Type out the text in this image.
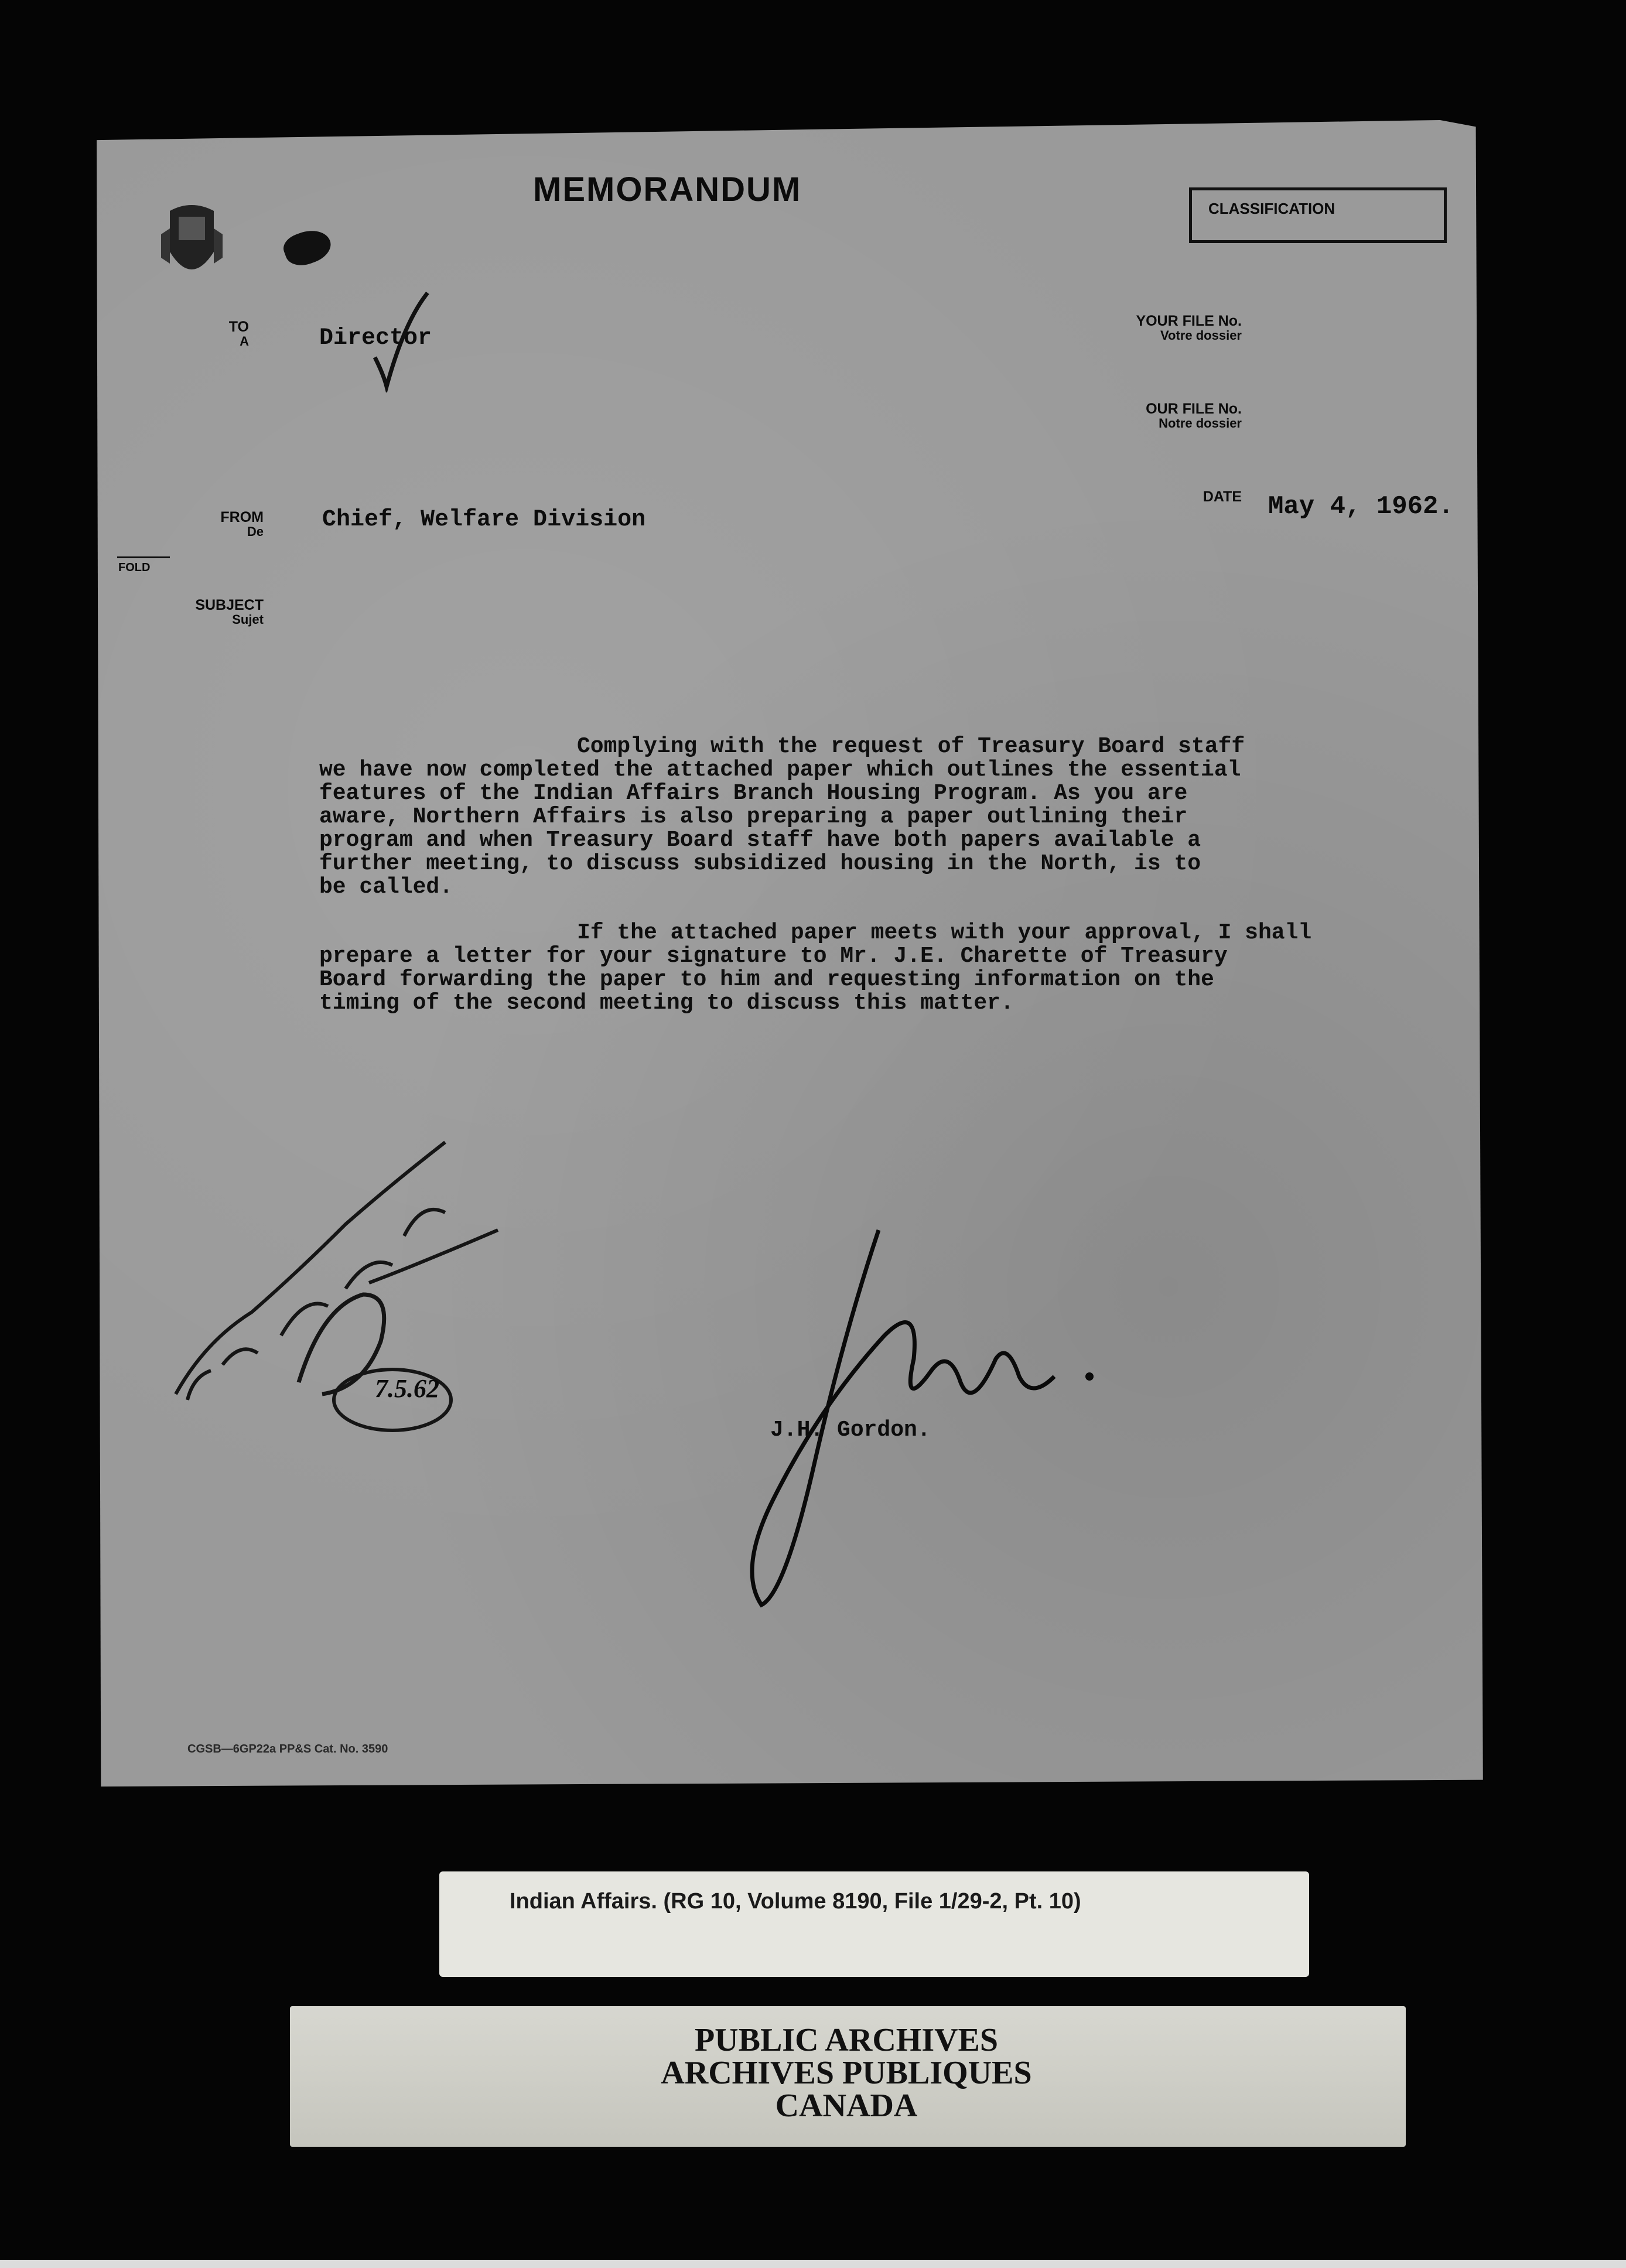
MEMORANDUM	CLASSIFICATION
TO
A	Director
YOUR FILE No.
Votre dossier
OUR FILE No.
Notre dossier
FROM
De	Chief, Welfare Division
DATE May 4, 1962.
FOLD
SUBJECT
Sujet

Complying with the request of Treasury Board staff
we have now completed the attached paper which outlines the essential
features of the Indian Affairs Branch Housing Program. As you are
aware, Northern Affairs is also preparing a paper outlining their
program and when Treasury Board staff have both papers available a
further meeting, to discuss subsidized housing in the North, is to
be called.

If the attached paper meets with your approval, I shall
prepare a letter for your signature to Mr. J.E. Charette of Treasury
Board forwarding the paper to him and requesting information on the
timing of the second meeting to discuss this matter.

7.5.62
J.H. Gordon.
CGSB—6GP22a PP&S Cat. No. 3590
Indian Affairs. (RG 10, Volume 8190, File 1/29-2, Pt. 10)
PUBLIC ARCHIVES
ARCHIVES PUBLIQUES
CANADA
